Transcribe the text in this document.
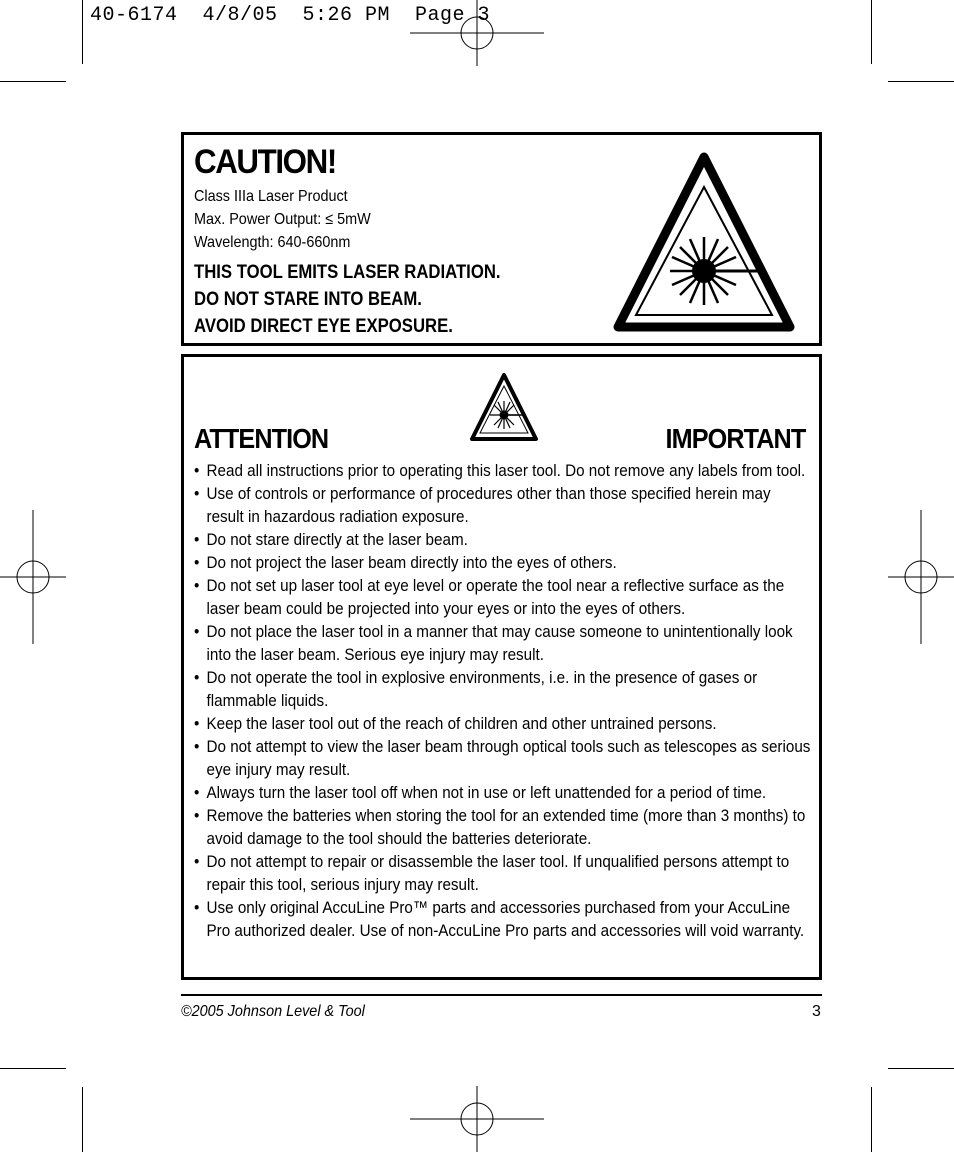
40-6174  4/8/05  5:26 PM  Page 3
CAUTION!
Class IIIa Laser Product
Max. Power Output: ≤ 5mW
Wavelength: 640-660nm
THIS TOOL EMITS LASER RADIATION.
DO NOT STARE INTO BEAM.
AVOID DIRECT EYE EXPOSURE.
ATTENTION	IMPORTANT
• Read all instructions prior to operating this laser tool. Do not remove any labels from tool.
• Use of controls or performance of procedures other than those specified herein may result in hazardous radiation exposure.
• Do not stare directly at the laser beam.
• Do not project the laser beam directly into the eyes of others.
• Do not set up laser tool at eye level or operate the tool near a reflective surface as the laser beam could be projected into your eyes or into the eyes of others.
• Do not place the laser tool in a manner that may cause someone to unintentionally look into the laser beam. Serious eye injury may result.
• Do not operate the tool in explosive environments, i.e. in the presence of gases or flammable liquids.
• Keep the laser tool out of the reach of children and other untrained persons.
• Do not attempt to view the laser beam through optical tools such as telescopes as serious eye injury may result.
• Always turn the laser tool off when not in use or left unattended for a period of time.
• Remove the batteries when storing the tool for an extended time (more than 3 months) to avoid damage to the tool should the batteries deteriorate.
• Do not attempt to repair or disassemble the laser tool. If unqualified persons attempt to repair this tool, serious injury may result.
• Use only original AccuLine Pro™ parts and accessories purchased from your AccuLine Pro authorized dealer. Use of non-AccuLine Pro parts and accessories will void warranty.
©2005 Johnson Level & Tool	3
